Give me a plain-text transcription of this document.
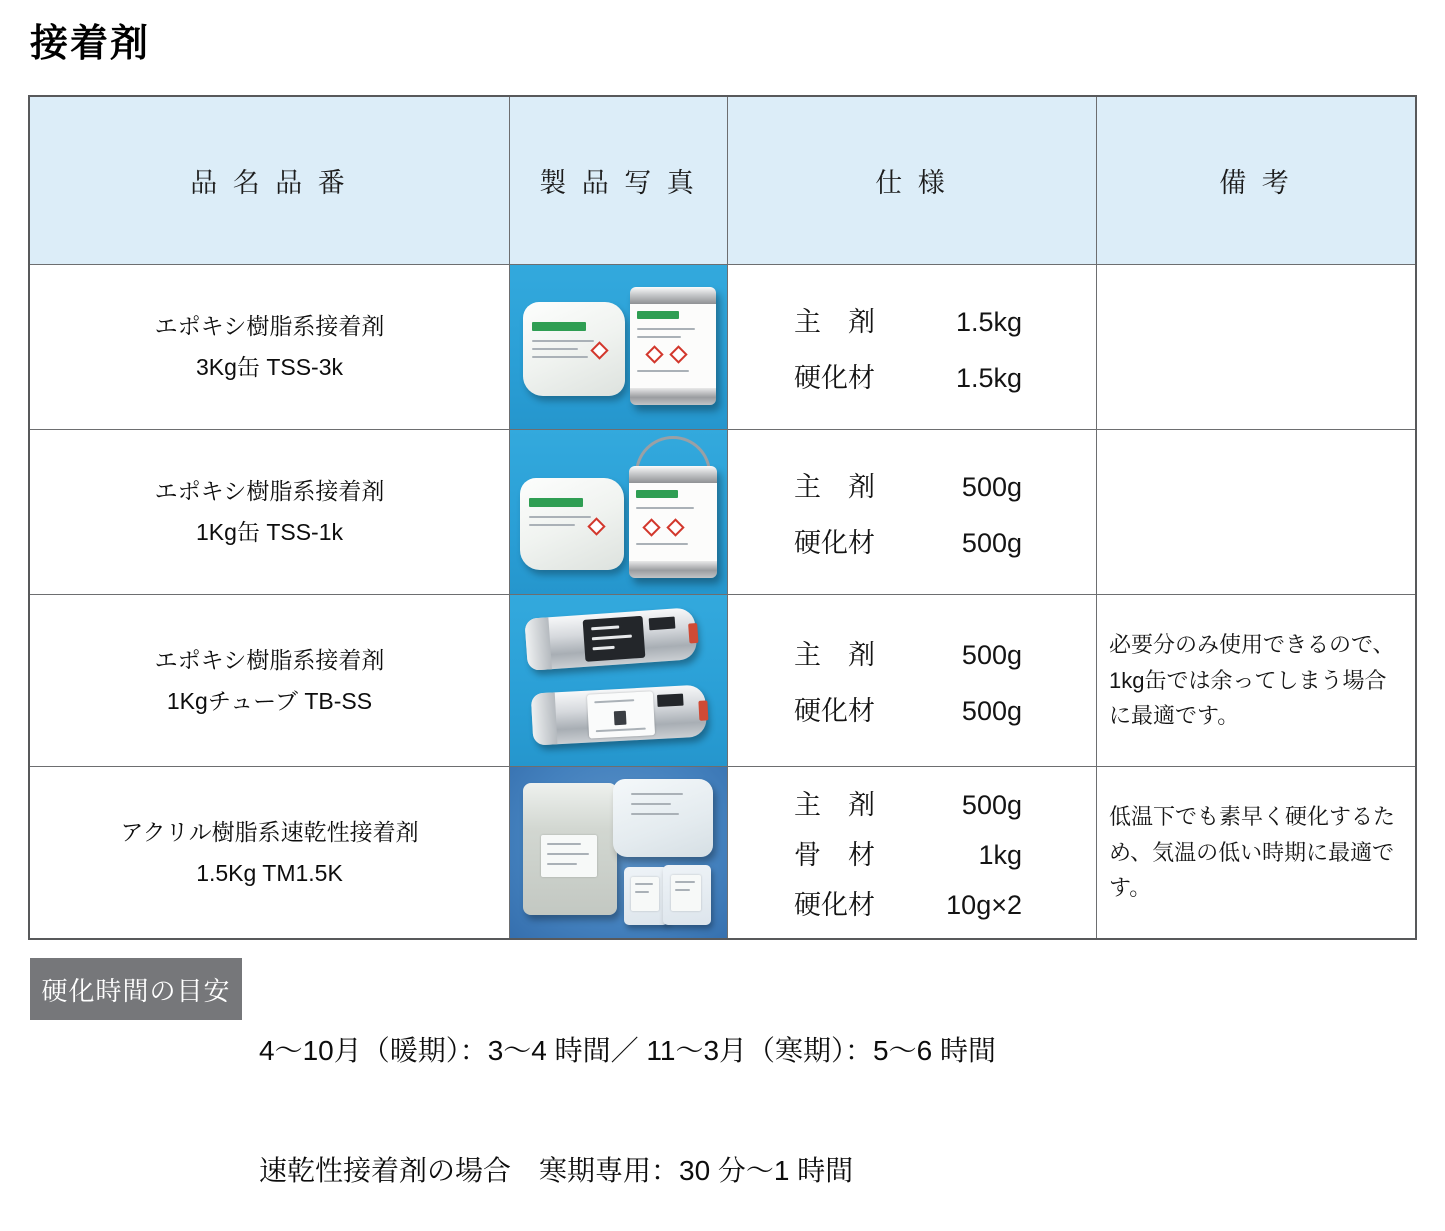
接着剤
品 名 品 番	製 品 写 真	仕 様	備 考
エポキシ樹脂系接着剤
3Kg缶 TSS-3k
主　剤	1.5kg
硬化材	1.5kg
エポキシ樹脂系接着剤
1Kg缶 TSS-1k
主　剤	500g
硬化材	500g
エポキシ樹脂系接着剤
1Kgチューブ TB-SS
主　剤	500g
硬化材	500g
必要分のみ使用できるので、1kg缶では余ってしまう場合に最適です。
アクリル樹脂系速乾性接着剤
1.5Kg TM1.5K
主　剤	500g
骨　材	1kg
硬化材	10g×2
低温下でも素早く硬化するため、気温の低い時期に最適です。
硬化時間の目安

4〜10月（暖期）：3〜4 時間／ 11〜3月（寒期）：5〜6 時間

速乾性接着剤の場合　寒期専用：30 分〜1 時間
